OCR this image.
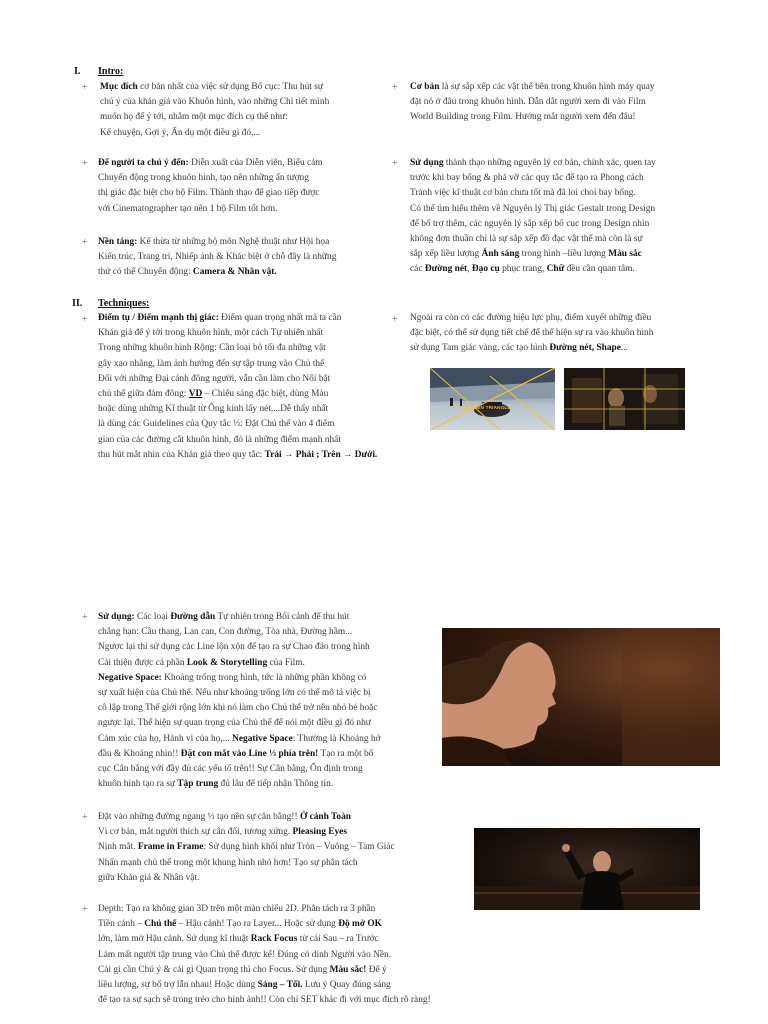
I. Intro:
+ Mục đích cơ bản nhất của việc sử dụng Bố cục: Thu hút sự
chú ý của khán giả vào Khuôn hình, vào những Chi tiết mình
muốn họ để ý tới, nhằm một mục đích cụ thể như:
Kể chuyện, Gợi ý, Ẩn dụ một điều gì đó,...
+ Cơ bản là sự sắp xếp các vật thể bên trong khuôn hình máy quay
đặt nó ở đâu trong khuôn hình. Dẫn dắt người xem đi vào Film
World Building trong Film. Hướng mắt người xem đến đâu!
+ Để người ta chú ý đến: Diễn xuất của Diễn viên, Biểu cảm
Chuyển động trong khuôn hình, tạo nên những ấn tượng
thị giác đặc biệt cho bộ Film. Thành thạo để giao tiếp được
với Cinematographer tạo nên 1 bộ Film tốt hơn.
+ Sử dụng thành thạo những nguyên lý cơ bản, chính xác, quen tay
trước khi bay bổng & phá vỡ các quy tắc để tạo ra Phong cách
Tránh việc kĩ thuật cơ bản chưa tốt mà đã loi choi bay bổng.
Có thể tìm hiểu thêm về Nguyên lý Thị giác Gestalt trong Design
để bổ trợ thêm, các nguyên lý sắp xếp bố cục trong Design nhìn
không đơn thuần chỉ là sự sắp xếp đồ đạc vật thể mà còn là sự
sắp xếp liều lượng Ánh sáng trong hình –liều lượng Màu sắc
các Đường nét, Đạo cụ phục trang, Chữ đều cần quan tâm.
+ Nền tảng: Kế thừa từ những bộ môn Nghệ thuật như Hội họa
Kiến trúc, Trang trí, Nhiếp ảnh & Khác biệt ở chỗ đây là những
thứ có thể Chuyển động: Camera & Nhân vật.
II. Techniques:
+ Điểm tụ / Điểm mạnh thị giác: Điểm quan trọng nhất mà ta cần
Khán giả để ý tới trong khuôn hình, một cách Tự nhiên nhất
Trong những khuôn hình Rộng: Cần loại bỏ tối đa những vật
gây xao nhãng, làm ảnh hưởng đến sự tập trung vào Chủ thể
Đối với những Đại cảnh đông người, vẫn cần làm cho Nổi bật
chủ thể giữa đám đông: VD – Chiếu sáng đặc biệt, dùng Màu
hoặc dùng những Kĩ thuật từ Ống kính lấy nét,...Dễ thấy nhất
là dùng các Guidelines của Quy tắc ⅓: Đặt Chủ thể vào 4 điểm
giao của các đường cắt khuôn hình, đó là những điểm mạnh nhất
thu hút mắt nhìn của Khán giả theo quy tắc: Trái → Phải ; Trên → Dưới.
+ Ngoài ra còn có các đường hiệu lực phụ, điểm xuyết những điều
đặc biệt, có thể sử dụng tiết chế để thể hiện sự ra vào khuôn hình
sử dụng Tam giác vàng, các tạo hình Đường nét, Shape...
THE GOLDEN TRIANGLE
+ Sử dụng: Các loại Đường dẫn Tự nhiên trong Bối cảnh để thu hút
chẳng hạn: Cầu thang, Lan can, Con đường, Tòa nhà, Đường hầm...
Ngược lại thì sử dụng các Line lộn xộn để tạo ra sự Chao đảo trong hình
Cải thiện được cả phần Look & Storytelling của Film.
Negative Space: Khoảng trống trong hình, tức là những phần không có
sự xuất hiện của Chủ thể. Nếu như khoảng trống lớn có thể mô tả việc bị
cô lập trong Thế giới rộng lớn khi nó làm cho Chủ thể trở nên nhỏ bé hoặc
ngược lại. Thể hiện sự quan trọng của Chủ thể để nói một điều gì đó như
Cảm xúc của họ, Hành vi của họ,... Negative Space: Thường là Khoảng hở
đầu & Khoảng nhìn!! Đặt con mắt vào Line ⅓ phía trên! Tạo ra một bố
cục Cân bằng với đầy đủ các yếu tố trên!! Sự Cân bằng, Ổn định trong
khuôn hình tạo ra sự Tập trung đủ lâu để tiếp nhận Thông tin.
+ Đặt vào những đường ngang ⅓ tạo nên sự cân bằng!! Ở cảnh Toàn
Vì cơ bản, mắt người thích sự cân đối, tương xứng. Pleasing Eyes
Nịnh mắt. Frame in Frame: Sử dụng hình khối như Tròn – Vuông – Tam Giác
Nhấn mạnh chủ thể trong một khung hình nhỏ hơn! Tạo sự phân tách
giữa Khán giả & Nhân vật.
+ Depth: Tạo ra không gian 3D trên một màn chiếu 2D. Phân tách ra 3 phần
Tiền cảnh – Chủ thể – Hậu cảnh! Tạo ra Layer... Hoặc sử dụng Độ mở OK
lớn, làm mờ Hậu cảnh. Sử dụng kĩ thuật Rack Focus từ cái Sau – ra Trước
Làm mất người tập trung vào Chủ thể được kể! Đúng có dính Người vào Nền.
Cái gì cần Chú ý & cái gì Quan trọng thì cho Focus. Sử dụng Màu sắc! Để ý
liều lượng, sự bổ trợ lẫn nhau! Hoặc dùng Sáng – Tối. Lưu ý Quay đúng sáng
để tạo ra sự sạch sẽ trong trẻo cho hình ảnh!! Còn chỉ SET khác đi với mục đích rõ ràng!
